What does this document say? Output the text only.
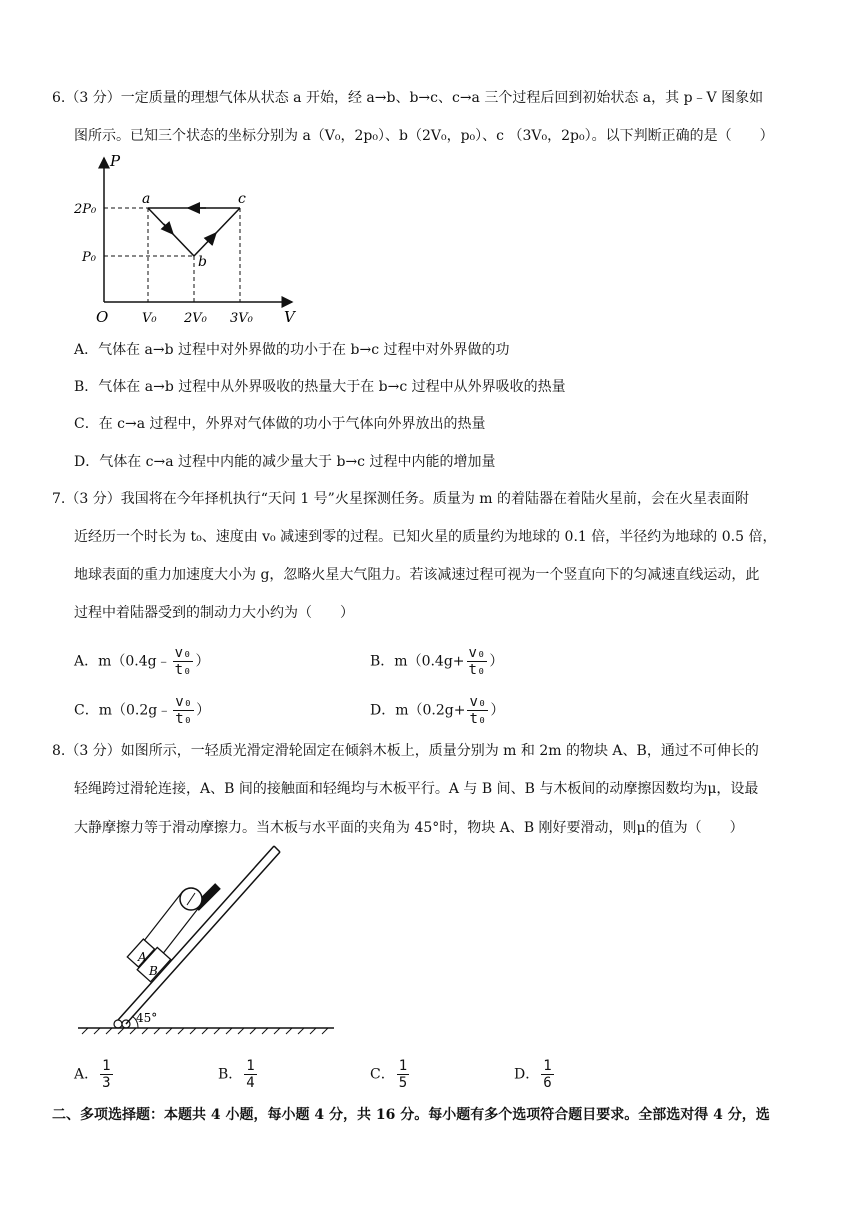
6.（3 分）一定质量的理想气体从状态 a 开始，经 a→b、b→c、c→a 三个过程后回到初始状态 a，其 p﹣V 图象如
图所示。已知三个状态的坐标分别为 a（V₀，2p₀）、b（2V₀，p₀）、c （3V₀，2p₀）。以下判断正确的是（　　）
P
V
O
2P₀
P₀
V₀ 2V₀ 3V₀
a
b
c
A．气体在 a→b 过程中对外界做的功小于在 b→c 过程中对外界做的功
B．气体在 a→b 过程中从外界吸收的热量大于在 b→c 过程中从外界吸收的热量
C．在 c→a 过程中，外界对气体做的功小于气体向外界放出的热量
D．气体在 c→a 过程中内能的减少量大于 b→c 过程中内能的增加量
7.（3 分）我国将在今年择机执行“天问 1 号”火星探测任务。质量为 m 的着陆器在着陆火星前，会在火星表面附
近经历一个时长为 t₀、速度由 v₀ 减速到零的过程。已知火星的质量约为地球的 0.1 倍，半径约为地球的 0.5 倍，
地球表面的重力加速度大小为 g，忽略火星大气阻力。若该减速过程可视为一个竖直向下的匀减速直线运动，此
过程中着陆器受到的制动力大小约为（　　）
A．m（0.4g﹣ $\frac{\text{v₀}}{\text{t₀}}$ ）	B．$m(0.4g+ \frac{\text{v₀}}{\text{t₀}}$ ）
C．m（0.2g﹣ $\frac{\text{v₀}}{\text{t₀}}$ ）	D．$m(0.2g+ \frac{\text{v₀}}{\text{t₀}}$ ）
8.（3 分）如图所示，一轻质光滑定滑轮固定在倾斜木板上，质量分别为 m 和 2m 的物块 A、B，通过不可伸长的
轻绳跨过滑轮连接，A、B 间的接触面和轻绳均与木板平行。A 与 B 间、B 与木板间的动摩擦因数均为μ，设最
大静摩擦力等于滑动摩擦力。当木板与水平面的夹角为 45°时，物块 A、B 刚好要滑动，则μ的值为（　　）
A
B
45°
A． $\frac{1}{3}$	B． $\frac{1}{4}$	C． $\frac{1}{5}$	D． $\frac{1}{6}$
二、多项选择题：本题共 4 小题，每小题 4 分，共 16 分。每小题有多个选项符合题目要求。全部选对得 4 分，选
